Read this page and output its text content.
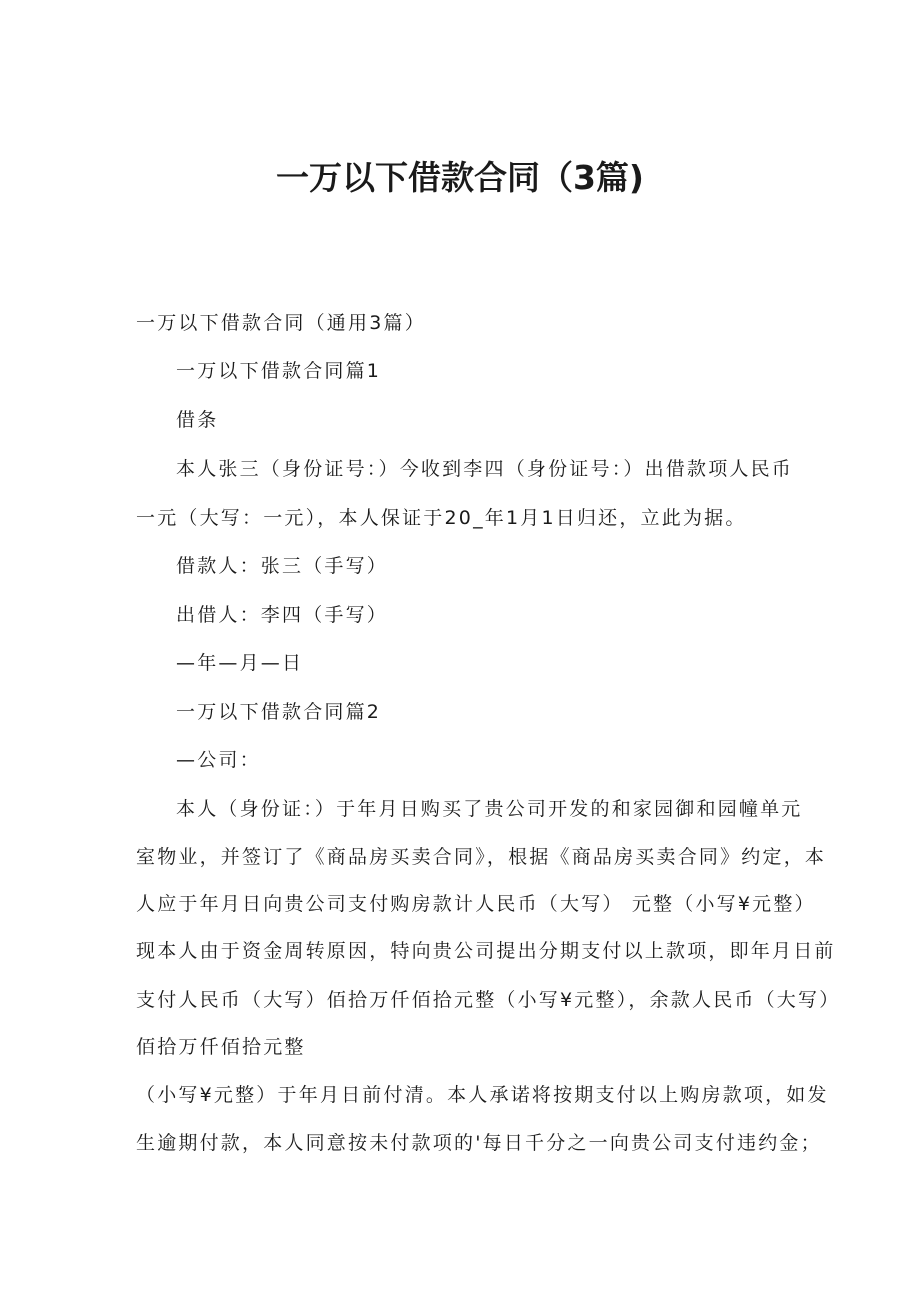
一万以下借款合同（3篇)

一万以下借款合同（通用3篇）

一万以下借款合同篇1

借条

本人张三（身份证号：）今收到李四（身份证号：）出借款项人民币

一元（大写：一元），本人保证于20_年1月1日归还，立此为据。

借款人：张三（手写）

出借人：李四（手写）

—年—月—日

一万以下借款合同篇2

—公司：

本人（身份证：）于年月日购买了贵公司开发的和家园御和园幢单元

室物业，并签订了《商品房买卖合同》，根据《商品房买卖合同》约定，本

人应于年月日向贵公司支付购房款计人民币（大写） 元整（小写¥元整）

现本人由于资金周转原因，特向贵公司提出分期支付以上款项，即年月日前

支付人民币（大写）佰拾万仟佰拾元整（小写¥元整），余款人民币（大写）

佰拾万仟佰拾元整

（小写¥元整）于年月日前付清。本人承诺将按期支付以上购房款项，如发

生逾期付款，本人同意按未付款项的'每日千分之一向贵公司支付违约金；
